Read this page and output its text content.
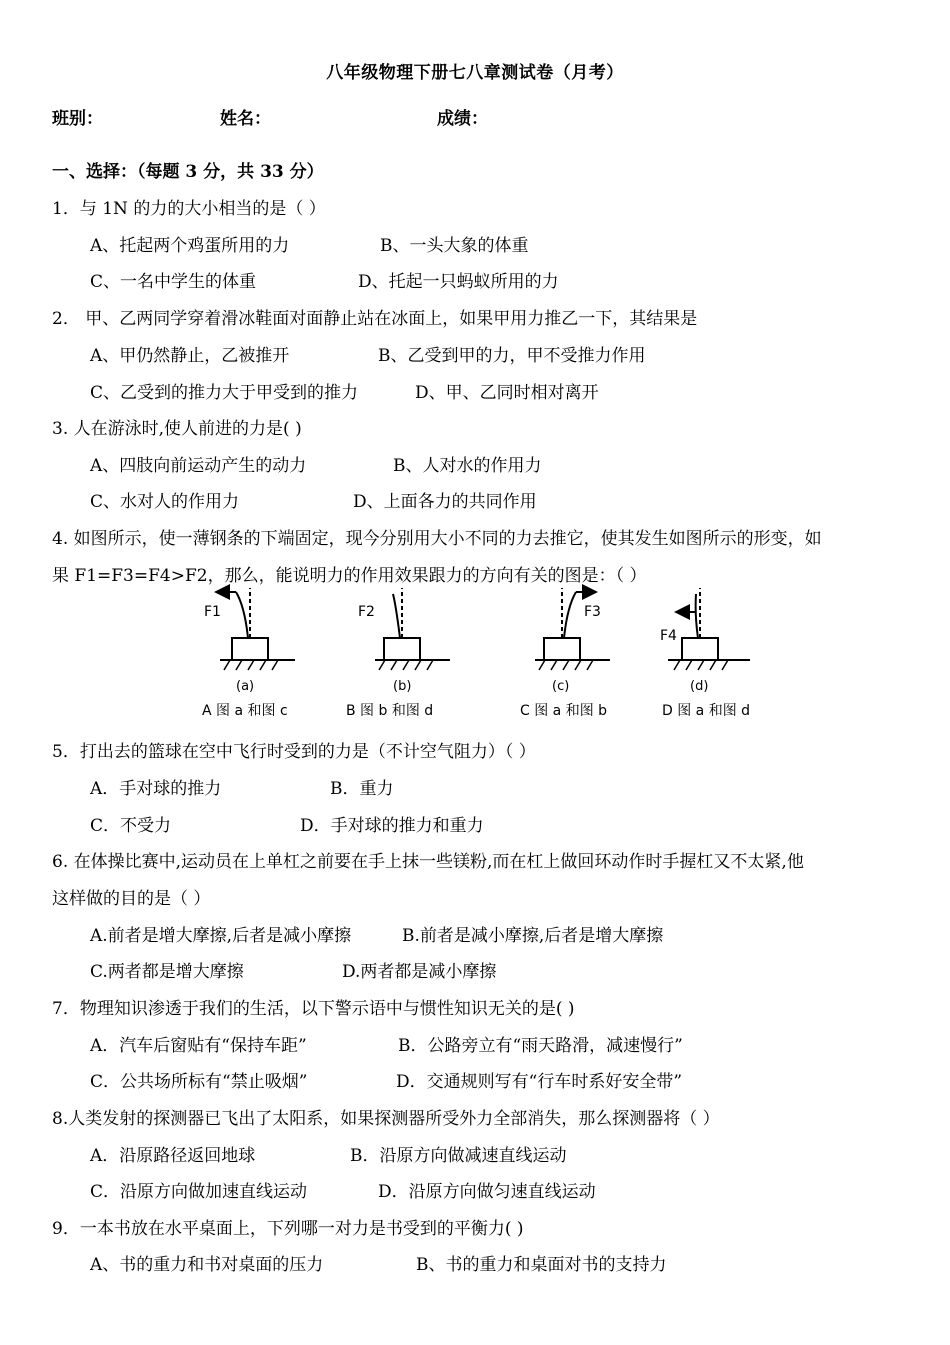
八年级物理下册七八章测试卷（月考）
班别：	姓名：	成绩：
一、选择：（每题 3 分，共 33 分）
1．与 1N 的力的大小相当的是（ ）
A、托起两个鸡蛋所用的力	B、一头大象的体重
C、一名中学生的体重	D、托起一只蚂蚁所用的力
2． 甲、乙两同学穿着滑冰鞋面对面静止站在冰面上，如果甲用力推乙一下，其结果是
A、甲仍然静止，乙被推开	B、乙受到甲的力，甲不受推力作用
C、乙受到的推力大于甲受到的推力	D、甲、乙同时相对离开
3. 人在游泳时,使人前进的力是( )
A、四肢向前运动产生的动力	B、人对水的作用力
C、水对人的作用力	D、上面各力的共同作用
4. 如图所示，使一薄钢条的下端固定，现今分别用大小不同的力去推它，使其发生如图所示的形变，如
果 F1=F3=F4>F2，那么，能说明力的作用效果跟力的方向有关的图是：（ ）
F1
(a)
A 图 a 和图 c
F2
(b)
B 图 b 和图 d
F3
(c)
C 图 a 和图 b
F4
(d)
D 图 a 和图 d
5．打出去的篮球在空中飞行时受到的力是（不计空气阻力）（ ）
A．手对球的推力	B．重力
C．不受力	D．手对球的推力和重力
6. 在体操比赛中,运动员在上单杠之前要在手上抹一些镁粉,而在杠上做回环动作时手握杠又不太紧,他
这样做的目的是（ ）
A.前者是增大摩擦,后者是减小摩擦	B.前者是减小摩擦,后者是增大摩擦
C.两者都是增大摩擦	D.两者都是减小摩擦
7．物理知识渗透于我们的生活，以下警示语中与惯性知识无关的是( )
A．汽车后窗贴有“保持车距”	B．公路旁立有“雨天路滑，减速慢行”
C．公共场所标有“禁止吸烟”	D．交通规则写有“行车时系好安全带”
8.人类发射的探测器已飞出了太阳系，如果探测器所受外力全部消失，那么探测器将（ ）
A．沿原路径返回地球	B．沿原方向做减速直线运动
C．沿原方向做加速直线运动	D．沿原方向做匀速直线运动
9．一本书放在水平桌面上，下列哪一对力是书受到的平衡力( )
A、书的重力和书对桌面的压力	B、书的重力和桌面对书的支持力
